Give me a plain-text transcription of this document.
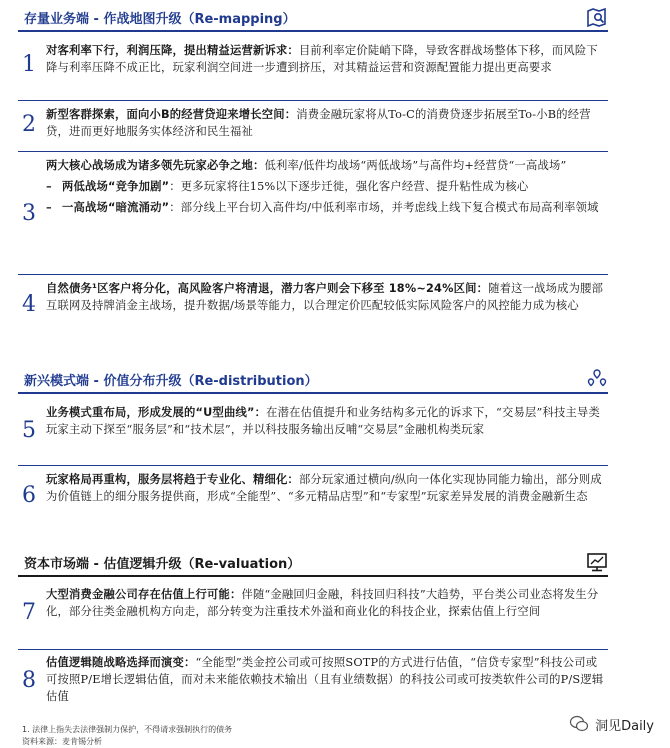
存量业务端 - 作战地图升级（Re-mapping）
1
对客利率下行，利润压降，提出精益运营新诉求：目前利率定价陡峭下降，导致客群战场整体下移，而风险下降与利率压降不成正比，玩家利润空间进一步遭到挤压，对其精益运营和资源配置能力提出更高要求
2 新型客群探索，面向小B的经营贷迎来增长空间：消费金融玩家将从To-C的消费贷逐步拓展至To-小B的经营贷，进而更好地服务实体经济和民生福祉
3
两大核心战场成为诸多领先玩家必争之地：低利率/低件均战场“两低战场”与高件均+经营贷“一高战场”
– 两低战场“竞争加剧”：更多玩家将往15%以下逐步迁徙，强化客户经营、提升粘性成为核心
– 一高战场“暗流涌动”：部分线上平台切入高件均/中低利率市场，并考虑线上线下复合模式布局高利率领域
4
自然债务¹区客户将分化，高风险客户将清退，潜力客户则会下移至 18%~24%区间：随着这一战场成为腰部互联网及持牌消金主战场，提升数据/场景等能力，以合理定价匹配较低实际风险客户的风控能力成为核心
新兴模式端 - 价值分布升级（Re-distribution）
5
业务模式重布局，形成发展的“U型曲线”：在潜在估值提升和业务结构多元化的诉求下，“交易层”科技主导类玩家主动下探至“服务层”和“技术层”，并以科技服务输出反哺“交易层”金融机构类玩家
6
玩家格局再重构，服务层将趋于专业化、精细化：部分玩家通过横向/纵向一体化实现协同能力输出，部分则成为价值链上的细分服务提供商，形成“全能型”、“多元精品店型”和“专家型”玩家差异发展的消费金融新生态
资本市场端 - 估值逻辑升级（Re-valuation）
7
大型消费金融公司存在估值上行可能：伴随“金融回归金融，科技回归科技”大趋势，平台类公司业态将发生分化，部分往类金融机构方向走，部分转变为注重技术外溢和商业化的科技企业，探索估值上行空间
8
估值逻辑随战略选择而演变：“全能型”类金控公司或可按照SOTP的方式进行估值，“信贷专家型”科技公司或可按照P/E增长逻辑估值，而对未来能依赖技术输出（且有业绩数据）的科技公司或可按类软件公司的P/S逻辑估值
1. 法律上指失去法律强制力保护，不得请求强制执行的债务
资料来源：麦肯锡分析
洞见Daily
